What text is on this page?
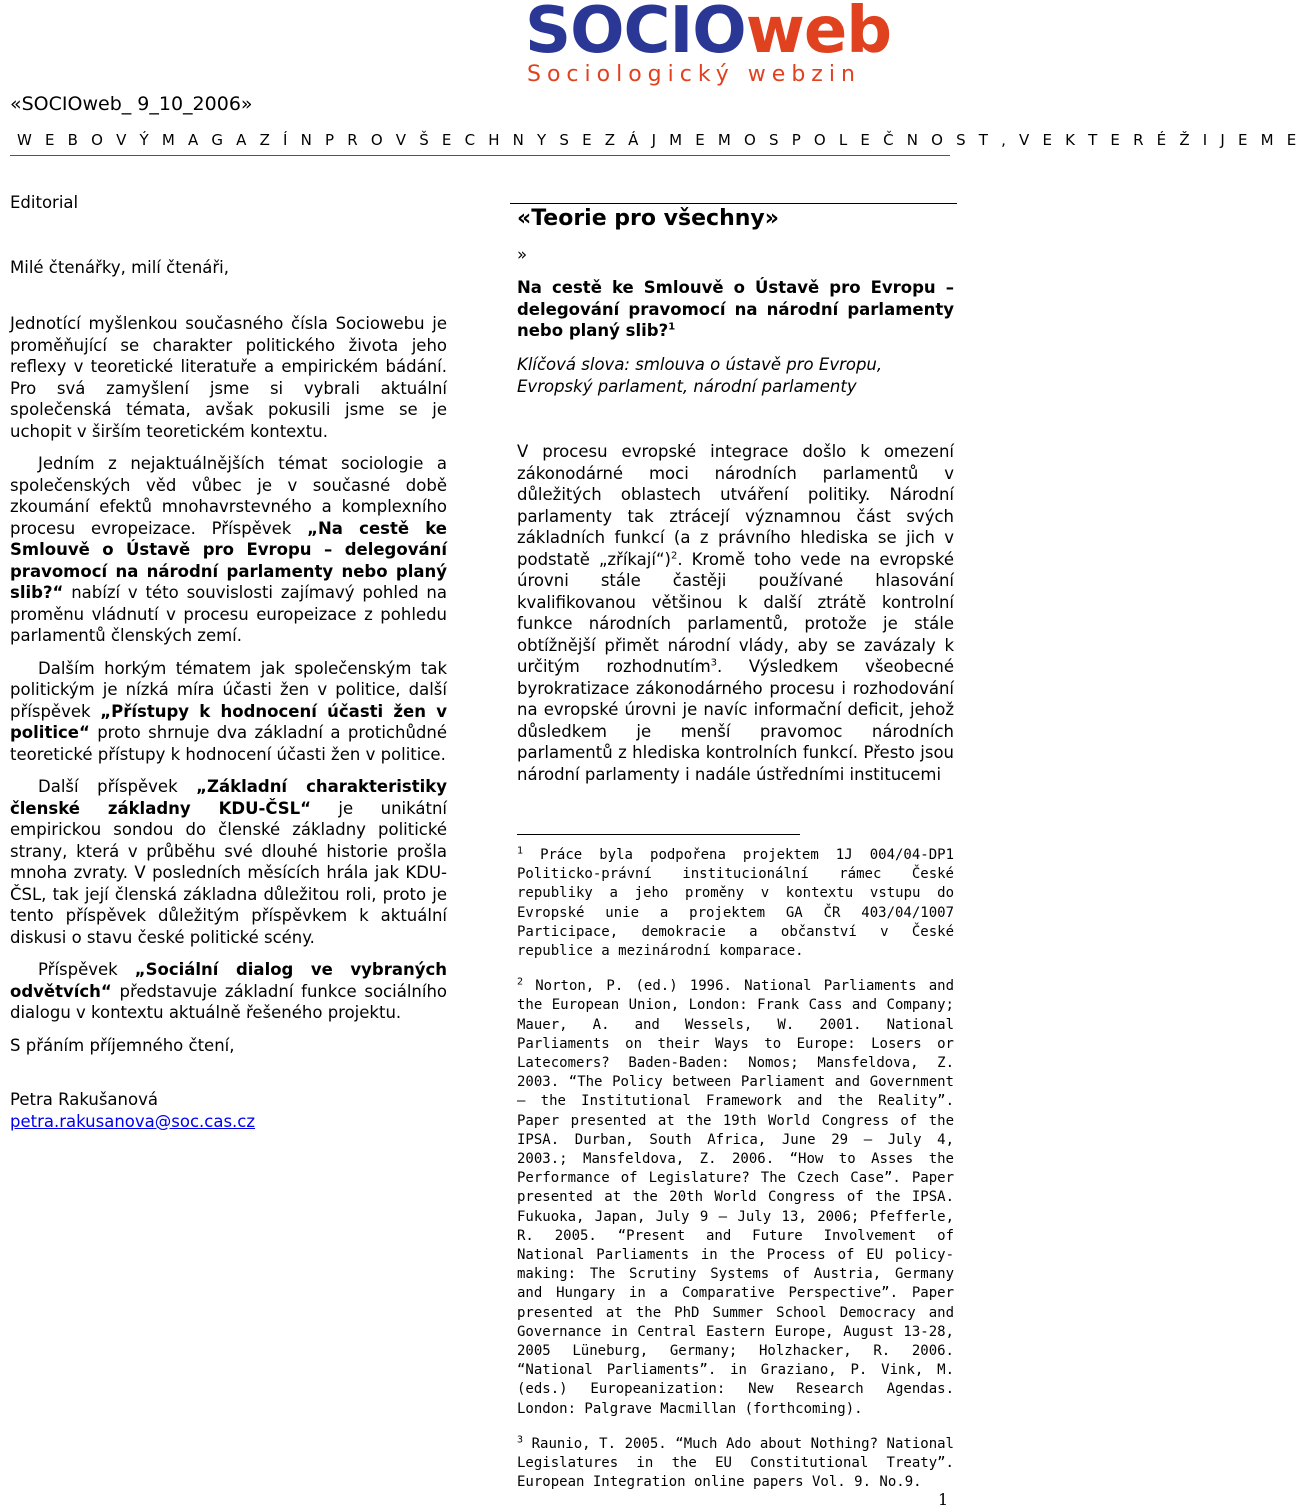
SOCIOweb
Sociologický webzin
«SOCIOweb_ 9_10_2006»
W E B O V Ý M A G A Z Í N P R O V Š E C H N Y S E Z Á J M E M O S P O L E Č N O S T , V E K T E R É Ž I J E M E

Editorial

Milé čtenářky, milí čtenáři,

Jednotící myšlenkou současného čísla Sociowebu je proměňující se charakter politického života jeho reflexy v teoretické literatuře a empirickém bádání. Pro svá zamyšlení jsme si vybrali aktuální společenská témata, avšak pokusili jsme se je uchopit v širším teoretickém kontextu.

Jedním z nejaktuálnějších témat sociologie a společenských věd vůbec je v současné době zkoumání efektů mnohavrstevného a komplexního procesu evropeizace. Příspěvek „Na cestě ke Smlouvě o Ústavě pro Evropu – delegování pravomocí na národní parlamenty nebo planý slib?“ nabízí v této souvislosti zajímavý pohled na proměnu vládnutí v procesu europeizace z pohledu parlamentů členských zemí.

Dalším horkým tématem jak společenským tak politickým je nízká míra účasti žen v politice, další příspěvek „Přístupy k hodnocení účasti žen v politice“ proto shrnuje dva základní a protichůdné teoretické přístupy k hodnocení účasti žen v politice.

Další příspěvek „Základní charakteristiky členské základny KDU-ČSL“ je unikátní empirickou sondou do členské základny politické strany, která v průběhu své dlouhé historie prošla mnoha zvraty. V posledních měsících hrála jak KDU-ČSL, tak její členská základna důležitou roli, proto je tento příspěvek důležitým příspěvkem k aktuální diskusi o stavu české politické scény.

Příspěvek „Sociální dialog ve vybraných odvětvích“ představuje základní funkce sociálního dialogu v kontextu aktuálně řešeného projektu.

S přáním příjemného čtení,

Petra Rakušanová

petra.rakusanova@soc.cas.cz

«Teorie pro všechny»
»
Na cestě ke Smlouvě o Ústavě pro Evropu – delegování pravomocí na národní parlamenty nebo planý slib?$^1$
Klíčová slova: smlouva o ústavě pro Evropu, Evropský parlament, národní parlamenty
V procesu evropské integrace došlo k omezení zákonodárné moci národních parlamentů v důležitých oblastech utváření politiky. Národní parlamenty tak ztrácejí významnou část svých základních funkcí (a z právního hlediska se jich v podstatě „zříkají“)$^2$. Kromě toho vede na evropské úrovni stále častěji používané hlasování kvalifikovanou většinou k další ztrátě kontrolní funkce národních parlamentů, protože je stále obtížnější přimět národní vlády, aby se zavázaly k určitým rozhodnutím$^3$. Výsledkem všeobecné byrokratizace zákonodárného procesu i rozhodování na evropské úrovni je navíc informační deficit, jehož důsledkem je menší pravomoc národních parlamentů z hlediska kontrolních funkcí. Přesto jsou národní parlamenty i nadále ústředními institucemi

$^1$ Práce byla podpořena projektem 1J 004/04-DP1 Politicko-právní institucionální rámec České republiky a jeho proměny v kontextu vstupu do Evropské unie a projektem GA ČR 403/04/1007 Participace, demokracie a občanství v České republice a mezinárodní komparace.

$^2$ Norton, P. (ed.) 1996. National Parliaments and the European Union, London: Frank Cass and Company; Mauer, A. and Wessels, W. 2001. National Parliaments on their Ways to Europe: Losers or Latecomers? Baden-Baden: Nomos; Mansfeldova, Z. 2003. “The Policy between Parliament and Government – the Institutional Framework and the Reality”. Paper presented at the 19th World Congress of the IPSA. Durban, South Africa, June 29 – July 4, 2003.; Mansfeldova, Z. 2006. “How to Asses the Performance of Legislature? The Czech Case”. Paper presented at the 20th World Congress of the IPSA. Fukuoka, Japan, July 9 – July 13, 2006; Pfefferle, R. 2005. “Present and Future Involvement of National Parliaments in the Process of EU policy-making: The Scrutiny Systems of Austria, Germany and Hungary in a Comparative Perspective”. Paper presented at the PhD Summer School Democracy and Governance in Central Eastern Europe, August 13-28, 2005 Lüneburg, Germany; Holzhacker, R. 2006. “National Parliaments”. in Graziano, P. Vink, M. (eds.) Europeanization: New Research Agendas. London: Palgrave Macmillan (forthcoming).

$^3$ Raunio, T. 2005. “Much Ado about Nothing? National Legislatures in the EU Constitutional Treaty”. European Integration online papers Vol. 9. No.9.

1
